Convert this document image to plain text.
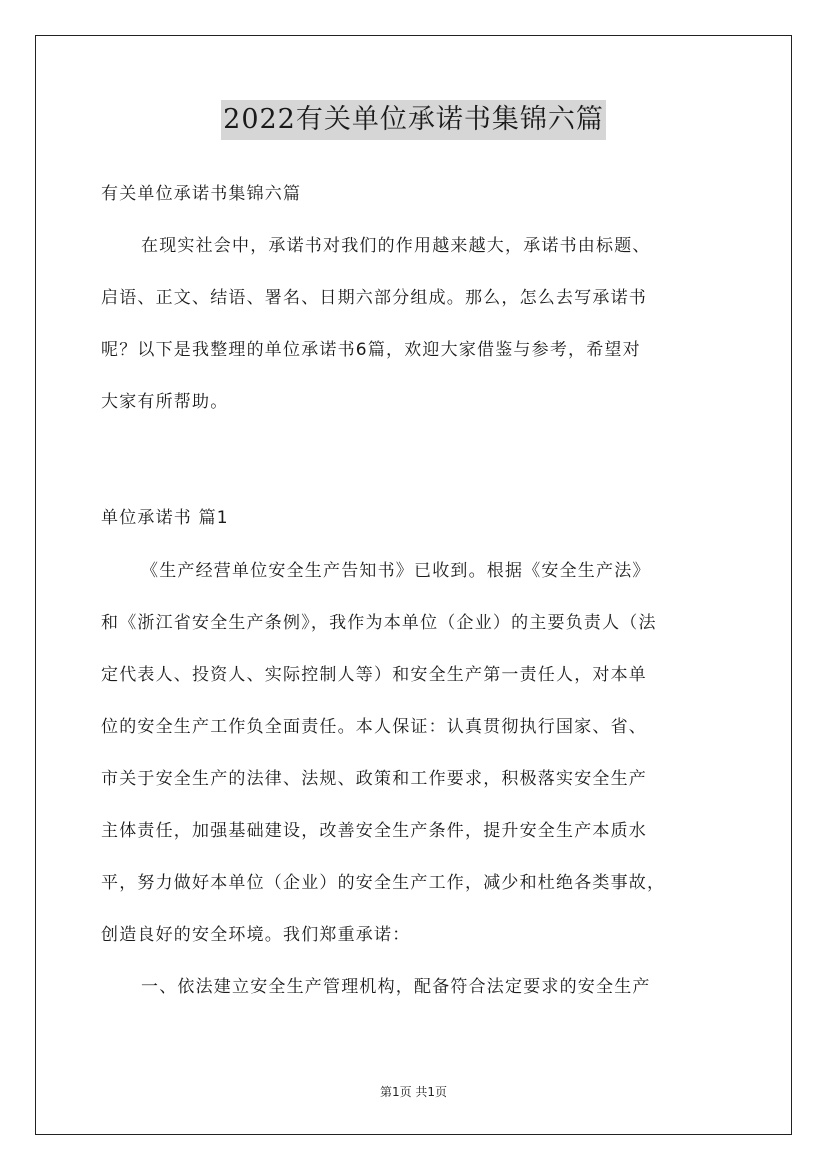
2022有关单位承诺书集锦六篇
有关单位承诺书集锦六篇
在现实社会中，承诺书对我们的作用越来越大，承诺书由标题、
启语、正文、结语、署名、日期六部分组成。那么，怎么去写承诺书
呢？以下是我整理的单位承诺书6篇，欢迎大家借鉴与参考，希望对
大家有所帮助。
单位承诺书 篇1
《生产经营单位安全生产告知书》已收到。根据《安全生产法》
和《浙江省安全生产条例》，我作为本单位（企业）的主要负责人（法
定代表人、投资人、实际控制人等）和安全生产第一责任人，对本单
位的安全生产工作负全面责任。本人保证：认真贯彻执行国家、省、
市关于安全生产的法律、法规、政策和工作要求，积极落实安全生产
主体责任，加强基础建设，改善安全生产条件，提升安全生产本质水
平，努力做好本单位（企业）的安全生产工作，减少和杜绝各类事故，
创造良好的安全环境。我们郑重承诺：
一、依法建立安全生产管理机构，配备符合法定要求的安全生产
第1页 共1页
